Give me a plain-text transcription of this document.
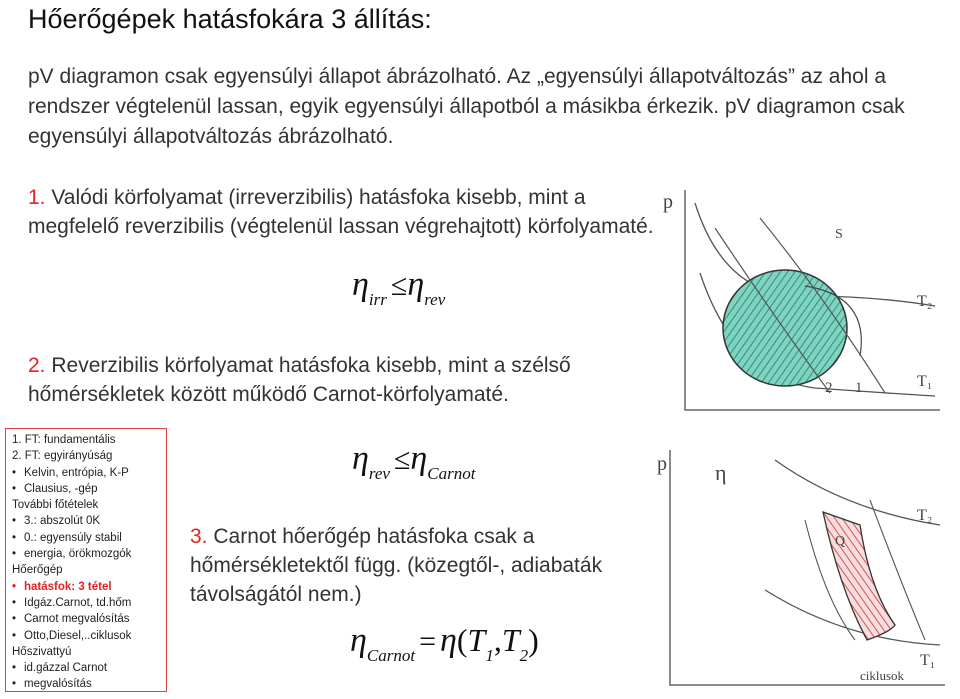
Hőerőgépek hatásfokára 3 állítás:
pV diagramon csak egyensúlyi állapot ábrázolható. Az „egyensúlyi állapotváltozás” az ahol a rendszer végtelenül lassan, egyik egyensúlyi állapotból a másikba érkezik. pV diagramon csak egyensúlyi állapotváltozás ábrázolható.
1. Valódi körfolyamat (irreverzibilis) hatásfoka kisebb, mint a megfelelő reverzibilis (végtelenül lassan végrehajtott) körfolyamaté.
ηirr ≤ηrev
2. Reverzibilis körfolyamat hatásfoka kisebb, mint a szélső hőmérsékletek között működő Carnot-körfolyamaté.
ηrev ≤ηCarnot
3. Carnot hőerőgép hatásfoka csak a hőmérsékletektől függ. (közegtől-, adiabaták távolságától nem.)
ηCarnot = η(T1,T2)
1. FT: fundamentális
2. FT: egyirányúság
• Kelvin, entrópia, K-P
• Clausius, -gép
További főtételek
• 3.: abszolút 0K
• 0.: egyensúly stabil
• energia, örökmozgók
Hőerőgép
• hatásfok: 3 tétel
• Idgáz.Carnot, td.hőm
• Carnot megvalósítás
• Otto,Diesel,..ciklusok
Hőszivattyú
• id.gázzal Carnot
• megvalósítás
p
S
T₂
T₁
2 1
p η
Q
T₂
T₁
ciklusok
